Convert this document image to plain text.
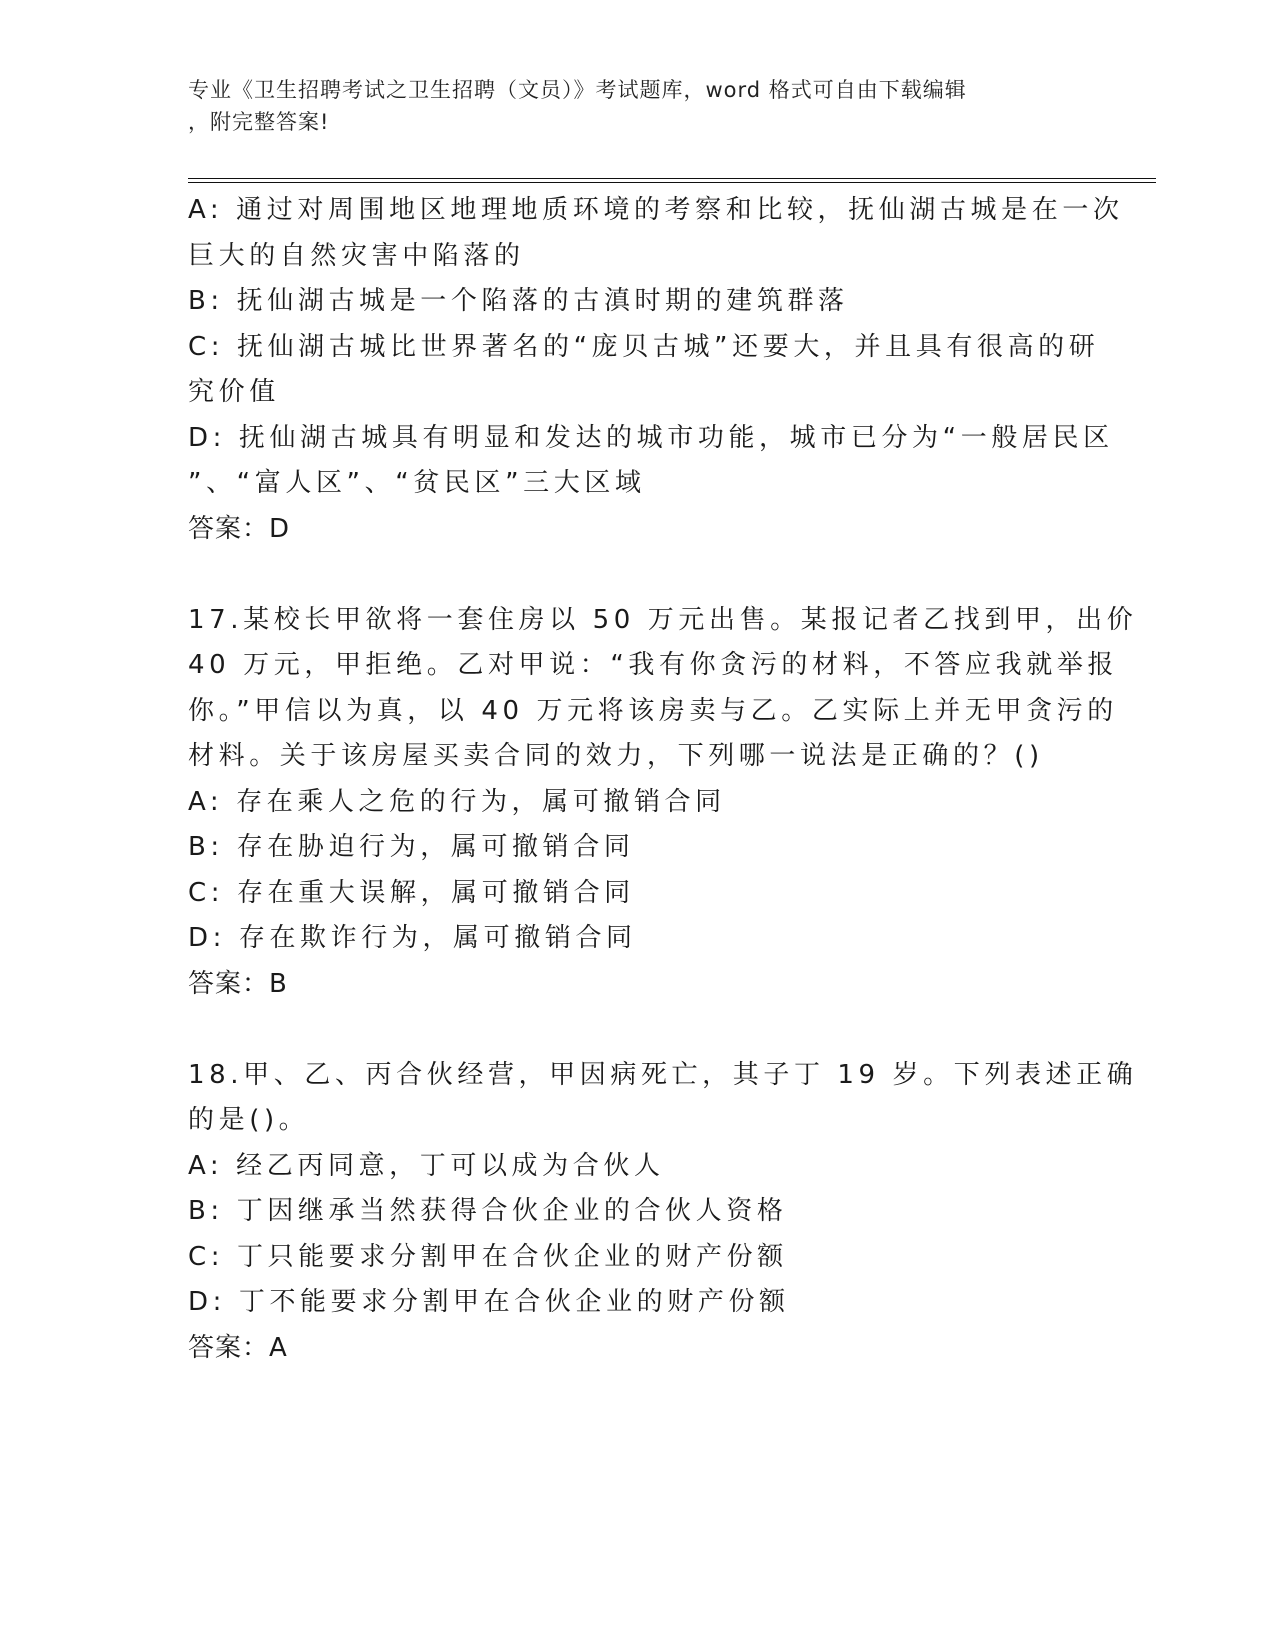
专业《卫生招聘考试之卫生招聘（文员）》考试题库，word 格式可自由下载编辑
，附完整答案!
A: 通过对周围地区地理地质环境的考察和比较，抚仙湖古城是在一次
巨大的自然灾害中陷落的
B: 抚仙湖古城是一个陷落的古滇时期的建筑群落
C: 抚仙湖古城比世界著名的“庞贝古城”还要大，并且具有很高的研
究价值
D: 抚仙湖古城具有明显和发达的城市功能，城市已分为“一般居民区
”、“富人区”、“贫民区”三大区域
答案：D
17.某校长甲欲将一套住房以 50 万元出售。某报记者乙找到甲，出价
40 万元，甲拒绝。乙对甲说：“我有你贪污的材料，不答应我就举报
你。”甲信以为真，以 40 万元将该房卖与乙。乙实际上并无甲贪污的
材料。关于该房屋买卖合同的效力，下列哪一说法是正确的？()
A: 存在乘人之危的行为，属可撤销合同
B: 存在胁迫行为，属可撤销合同
C: 存在重大误解，属可撤销合同
D: 存在欺诈行为，属可撤销合同
答案：B
18.甲、乙、丙合伙经营，甲因病死亡，其子丁 19 岁。下列表述正确
的是()。
A: 经乙丙同意，丁可以成为合伙人
B: 丁因继承当然获得合伙企业的合伙人资格
C: 丁只能要求分割甲在合伙企业的财产份额
D: 丁不能要求分割甲在合伙企业的财产份额
答案：A
